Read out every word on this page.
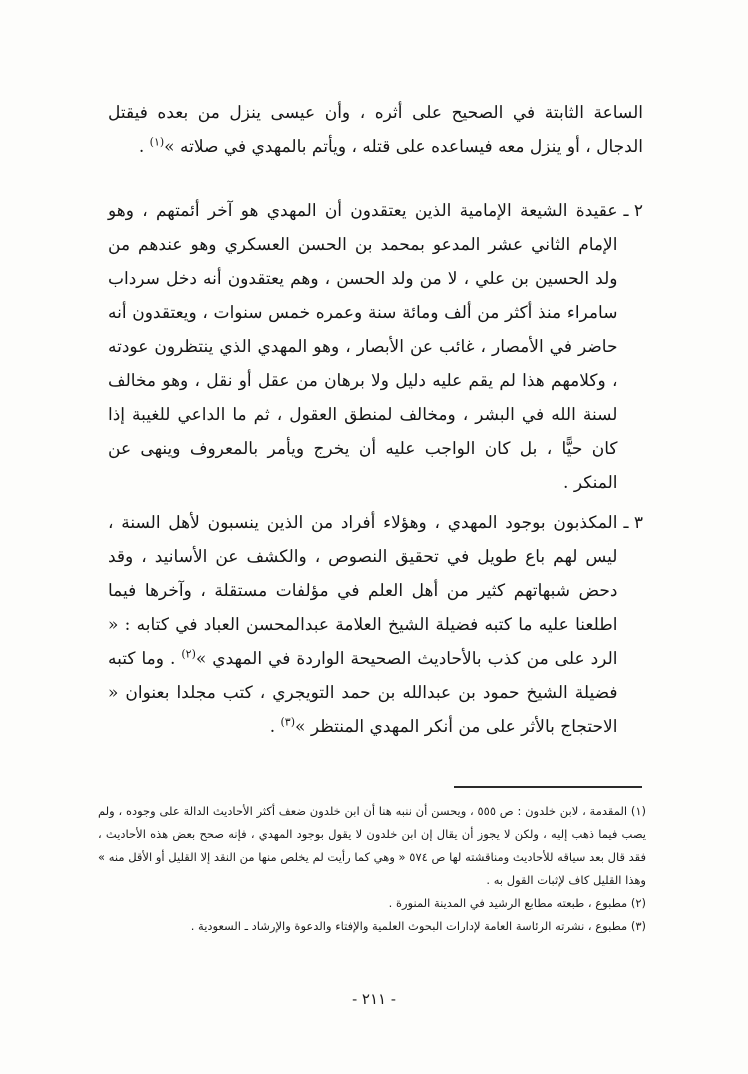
الساعة الثابتة في الصحيح على أثره ، وأن عيسى ينزل من بعده فيقتل الدجال ، أو ينزل معه فيساعده على قتله ، ويأتم بالمهدي في صلاته »$^{(١)}$ .

٢ ـ
عقيدة الشيعة الإمامية الذين يعتقدون أن المهدي هو آخر أئمتهم ، وهو الإمام الثاني عشر المدعو بمحمد بن الحسن العسكري وهو عندهم من ولد الحسين بن علي ، لا من ولد الحسن ، وهم يعتقدون أنه دخل سرداب سامراء منذ أكثر من ألف ومائة سنة وعمره خمس سنوات ، ويعتقدون أنه حاضر في الأمصار ، غائب عن الأبصار ، وهو المهدي الذي ينتظرون عودته ، وكلامهم هذا لم يقم عليه دليل ولا برهان من عقل أو نقل ، وهو مخالف لسنة الله في البشر ، ومخالف لمنطق العقول ، ثم ما الداعي للغيبة إذا كان حيًّا ، بل كان الواجب عليه أن يخرج ويأمر بالمعروف وينهى عن المنكر .
٣ ـ
المكذبون بوجود المهدي ، وهؤلاء أفراد من الذين ينسبون لأهل السنة ، ليس لهم باع طويل في تحقيق النصوص ، والكشف عن الأسانيد ، وقد دحض شبهاتهم كثير من أهل العلم في مؤلفات مستقلة ، وآخرها فيما اطلعنا عليه ما كتبه فضيلة الشيخ العلامة عبدالمحسن العباد في كتابه : « الرد على من كذب بالأحاديث الصحيحة الواردة في المهدي »$^{(٢)}$ . وما كتبه فضيلة الشيخ حمود بن عبدالله بن حمد التويجري ، كتب مجلدا بعنوان « الاحتجاج بالأثر على من أنكر المهدي المنتظر »$^{(٣)}$ .

(١) المقدمة ، لابن خلدون : ص ٥٥٥ ، ويحسن أن ننبه هنا أن ابن خلدون ضعف أكثر الأحاديث الدالة على وجوده ، ولم يصب فيما ذهب إليه ، ولكن لا يجوز أن يقال إن ابن خلدون لا يقول بوجود المهدي ، فإنه صحح بعض هذه الأحاديث ، فقد قال بعد سياقه للأحاديث ومناقشته لها ص ٥٧٤ « وهي كما رأيت لم يخلص منها من النقد إلا القليل أو الأقل منه » وهذا القليل كاف لإثبات القول به .

(٢) مطبوع ، طبعته مطابع الرشيد في المدينة المنورة .

(٣) مطبوع ، نشرته الرئاسة العامة لإدارات البحوث العلمية والإفتاء والدعوة والإرشاد ـ السعودية .

- ٢١١ -
